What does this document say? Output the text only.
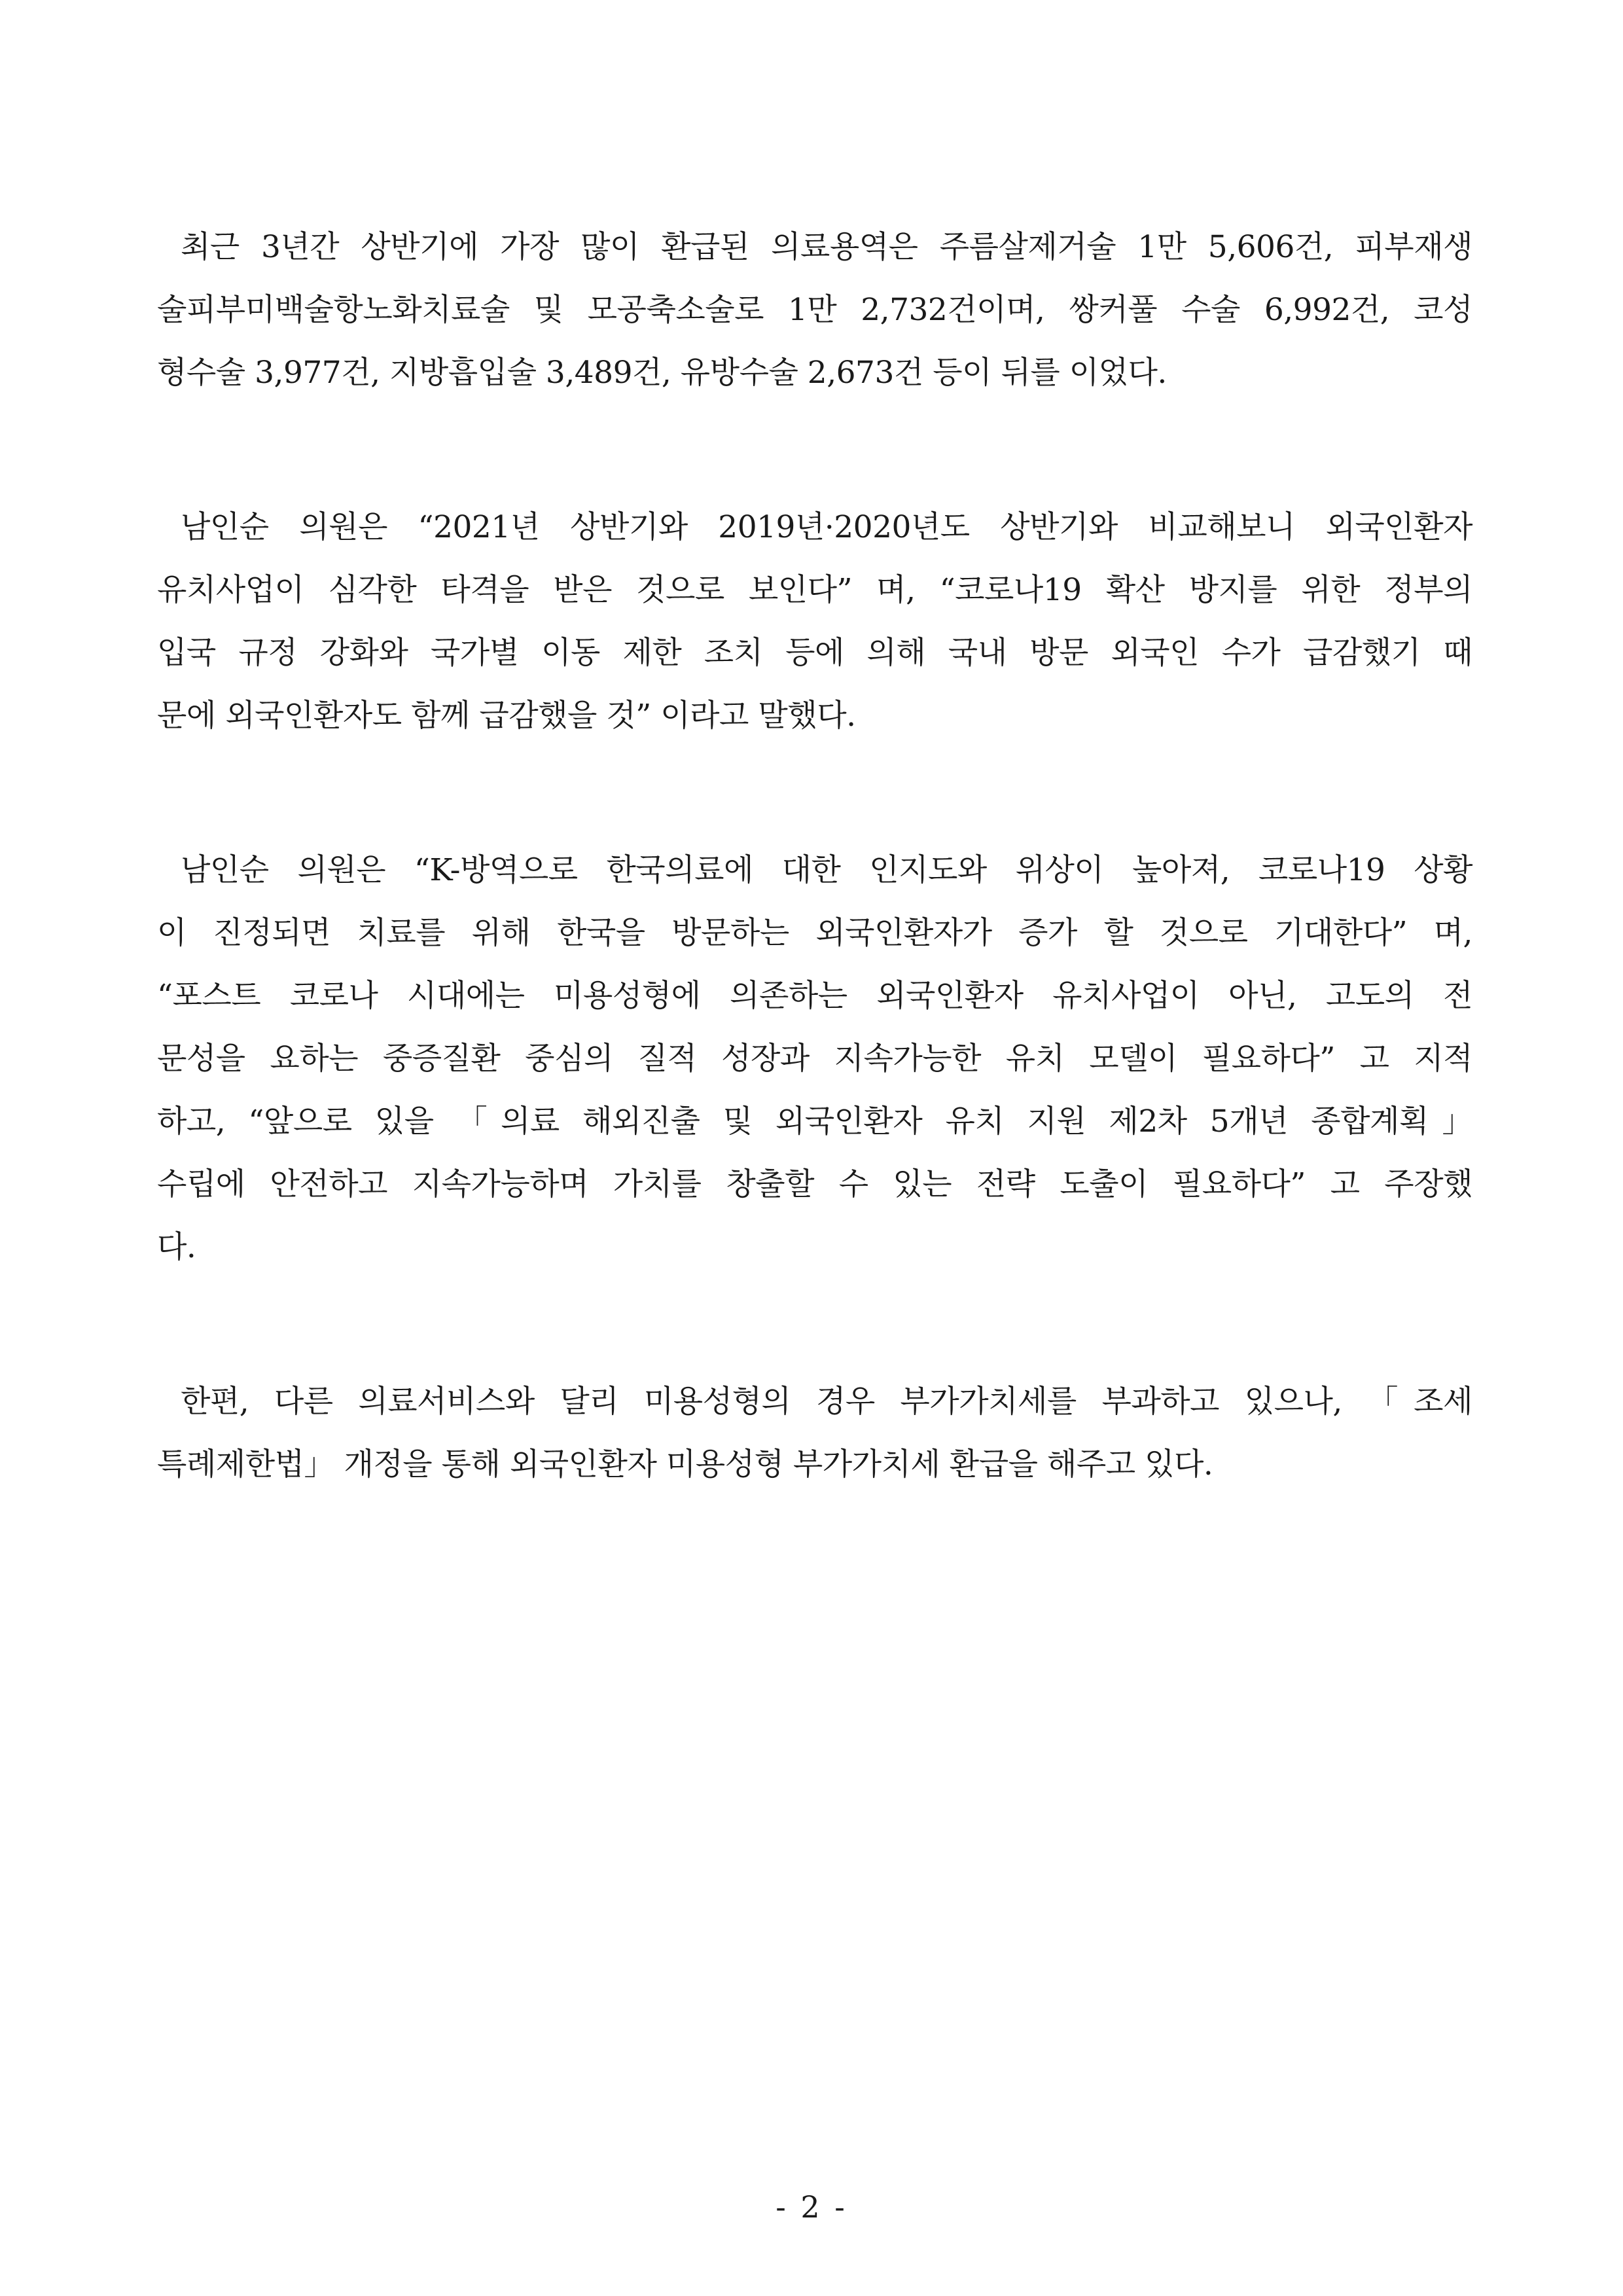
최근 3년간 상반기에 가장 많이 환급된 의료용역은 주름살제거술 1만 5,606건, 피부재생
술피부미백술항노화치료술 및 모공축소술로 1만 2,732건이며, 쌍커풀 수술 6,992건, 코성
형수술 3,977건, 지방흡입술 3,489건, 유방수술 2,673건 등이 뒤를 이었다.
남인순 의원은 “2021년 상반기와 2019년·2020년도 상반기와 비교해보니 외국인환자
유치사업이 심각한 타격을 받은 것으로 보인다” 며, “코로나19 확산 방지를 위한 정부의
입국 규정 강화와 국가별 이동 제한 조치 등에 의해 국내 방문 외국인 수가 급감했기 때
문에 외국인환자도 함께 급감했을 것” 이라고 말했다.
남인순 의원은 “K-방역으로 한국의료에 대한 인지도와 위상이 높아져, 코로나19 상황
이 진정되면 치료를 위해 한국을 방문하는 외국인환자가 증가 할 것으로 기대한다” 며,
“포스트 코로나 시대에는 미용성형에 의존하는 외국인환자 유치사업이 아닌, 고도의 전
문성을 요하는 중증질환 중심의 질적 성장과 지속가능한 유치 모델이 필요하다” 고 지적
하고, “앞으로 있을 「의료 해외진출 및 외국인환자 유치 지원 제2차 5개년 종합계획」
수립에 안전하고 지속가능하며 가치를 창출할 수 있는 전략 도출이 필요하다” 고 주장했
다.
한편, 다른 의료서비스와 달리 미용성형의 경우 부가가치세를 부과하고 있으나, 「조세
특례제한법」 개정을 통해 외국인환자 미용성형 부가가치세 환급을 해주고 있다.
- 2 -
